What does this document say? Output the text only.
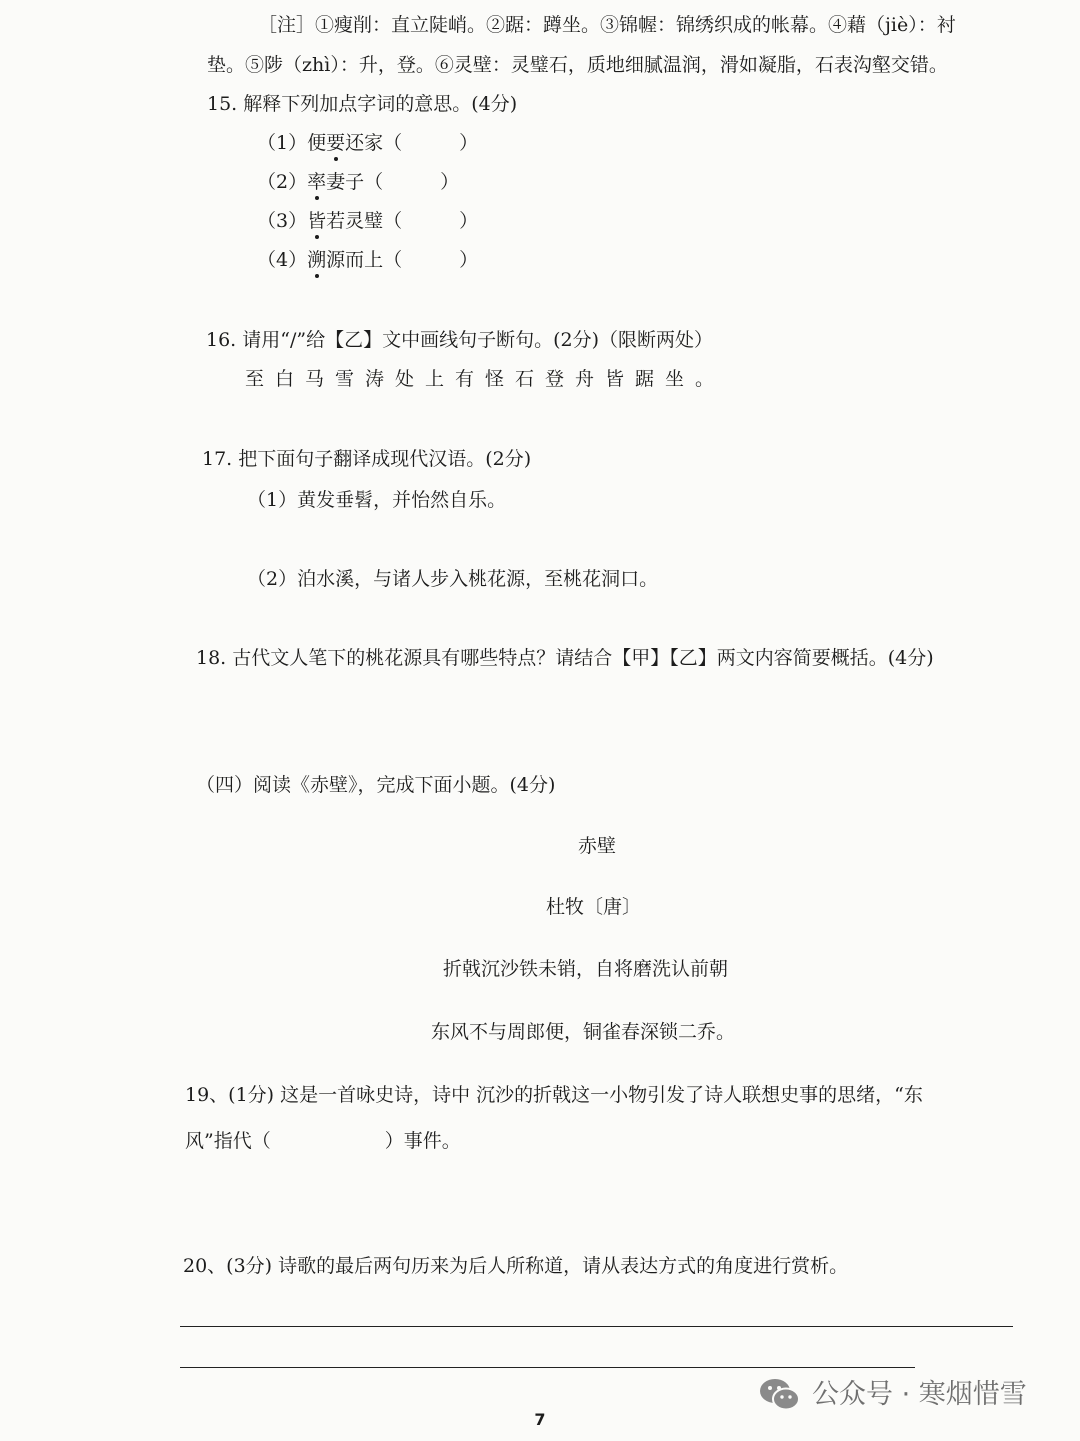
［注］①瘦削：直立陡峭。②踞：蹲坐。③锦幄：锦绣织成的帐幕。④藉（jiè）：衬
垫。⑤陟（zhì）：升，登。⑥灵壁：灵璧石，质地细腻温润，滑如凝脂，石表沟壑交错。
15. 解释下列加点字词的意思。(4分)
（1）便要还家（　　　）
（2）率妻子（　　　）
（3）皆若灵璧（　　　）
（4）溯源而上（　　　）
16. 请用“/”给【乙】文中画线句子断句。(2分)（限断两处）
至白马雪涛处上有怪石登舟皆踞坐。
17. 把下面句子翻译成现代汉语。(2分)
（1）黄发垂髫，并怡然自乐。
（2）泊水溪，与诸人步入桃花源，至桃花洞口。
18. 古代文人笔下的桃花源具有哪些特点？请结合【甲】【乙】两文内容简要概括。(4分)
（四）阅读《赤壁》，完成下面小题。(4分)
赤壁
杜牧〔唐〕
折戟沉沙铁未销，自将磨洗认前朝
东风不与周郎便，铜雀春深锁二乔。
19、(1分) 这是一首咏史诗，诗中 沉沙的折戟这一小物引发了诗人联想史事的思绪，“东
风”指代（　　　　　　）事件。
20、(3分) 诗歌的最后两句历来为后人所称道，请从表达方式的角度进行赏析。
公众号 · 寒烟惜雪
7
